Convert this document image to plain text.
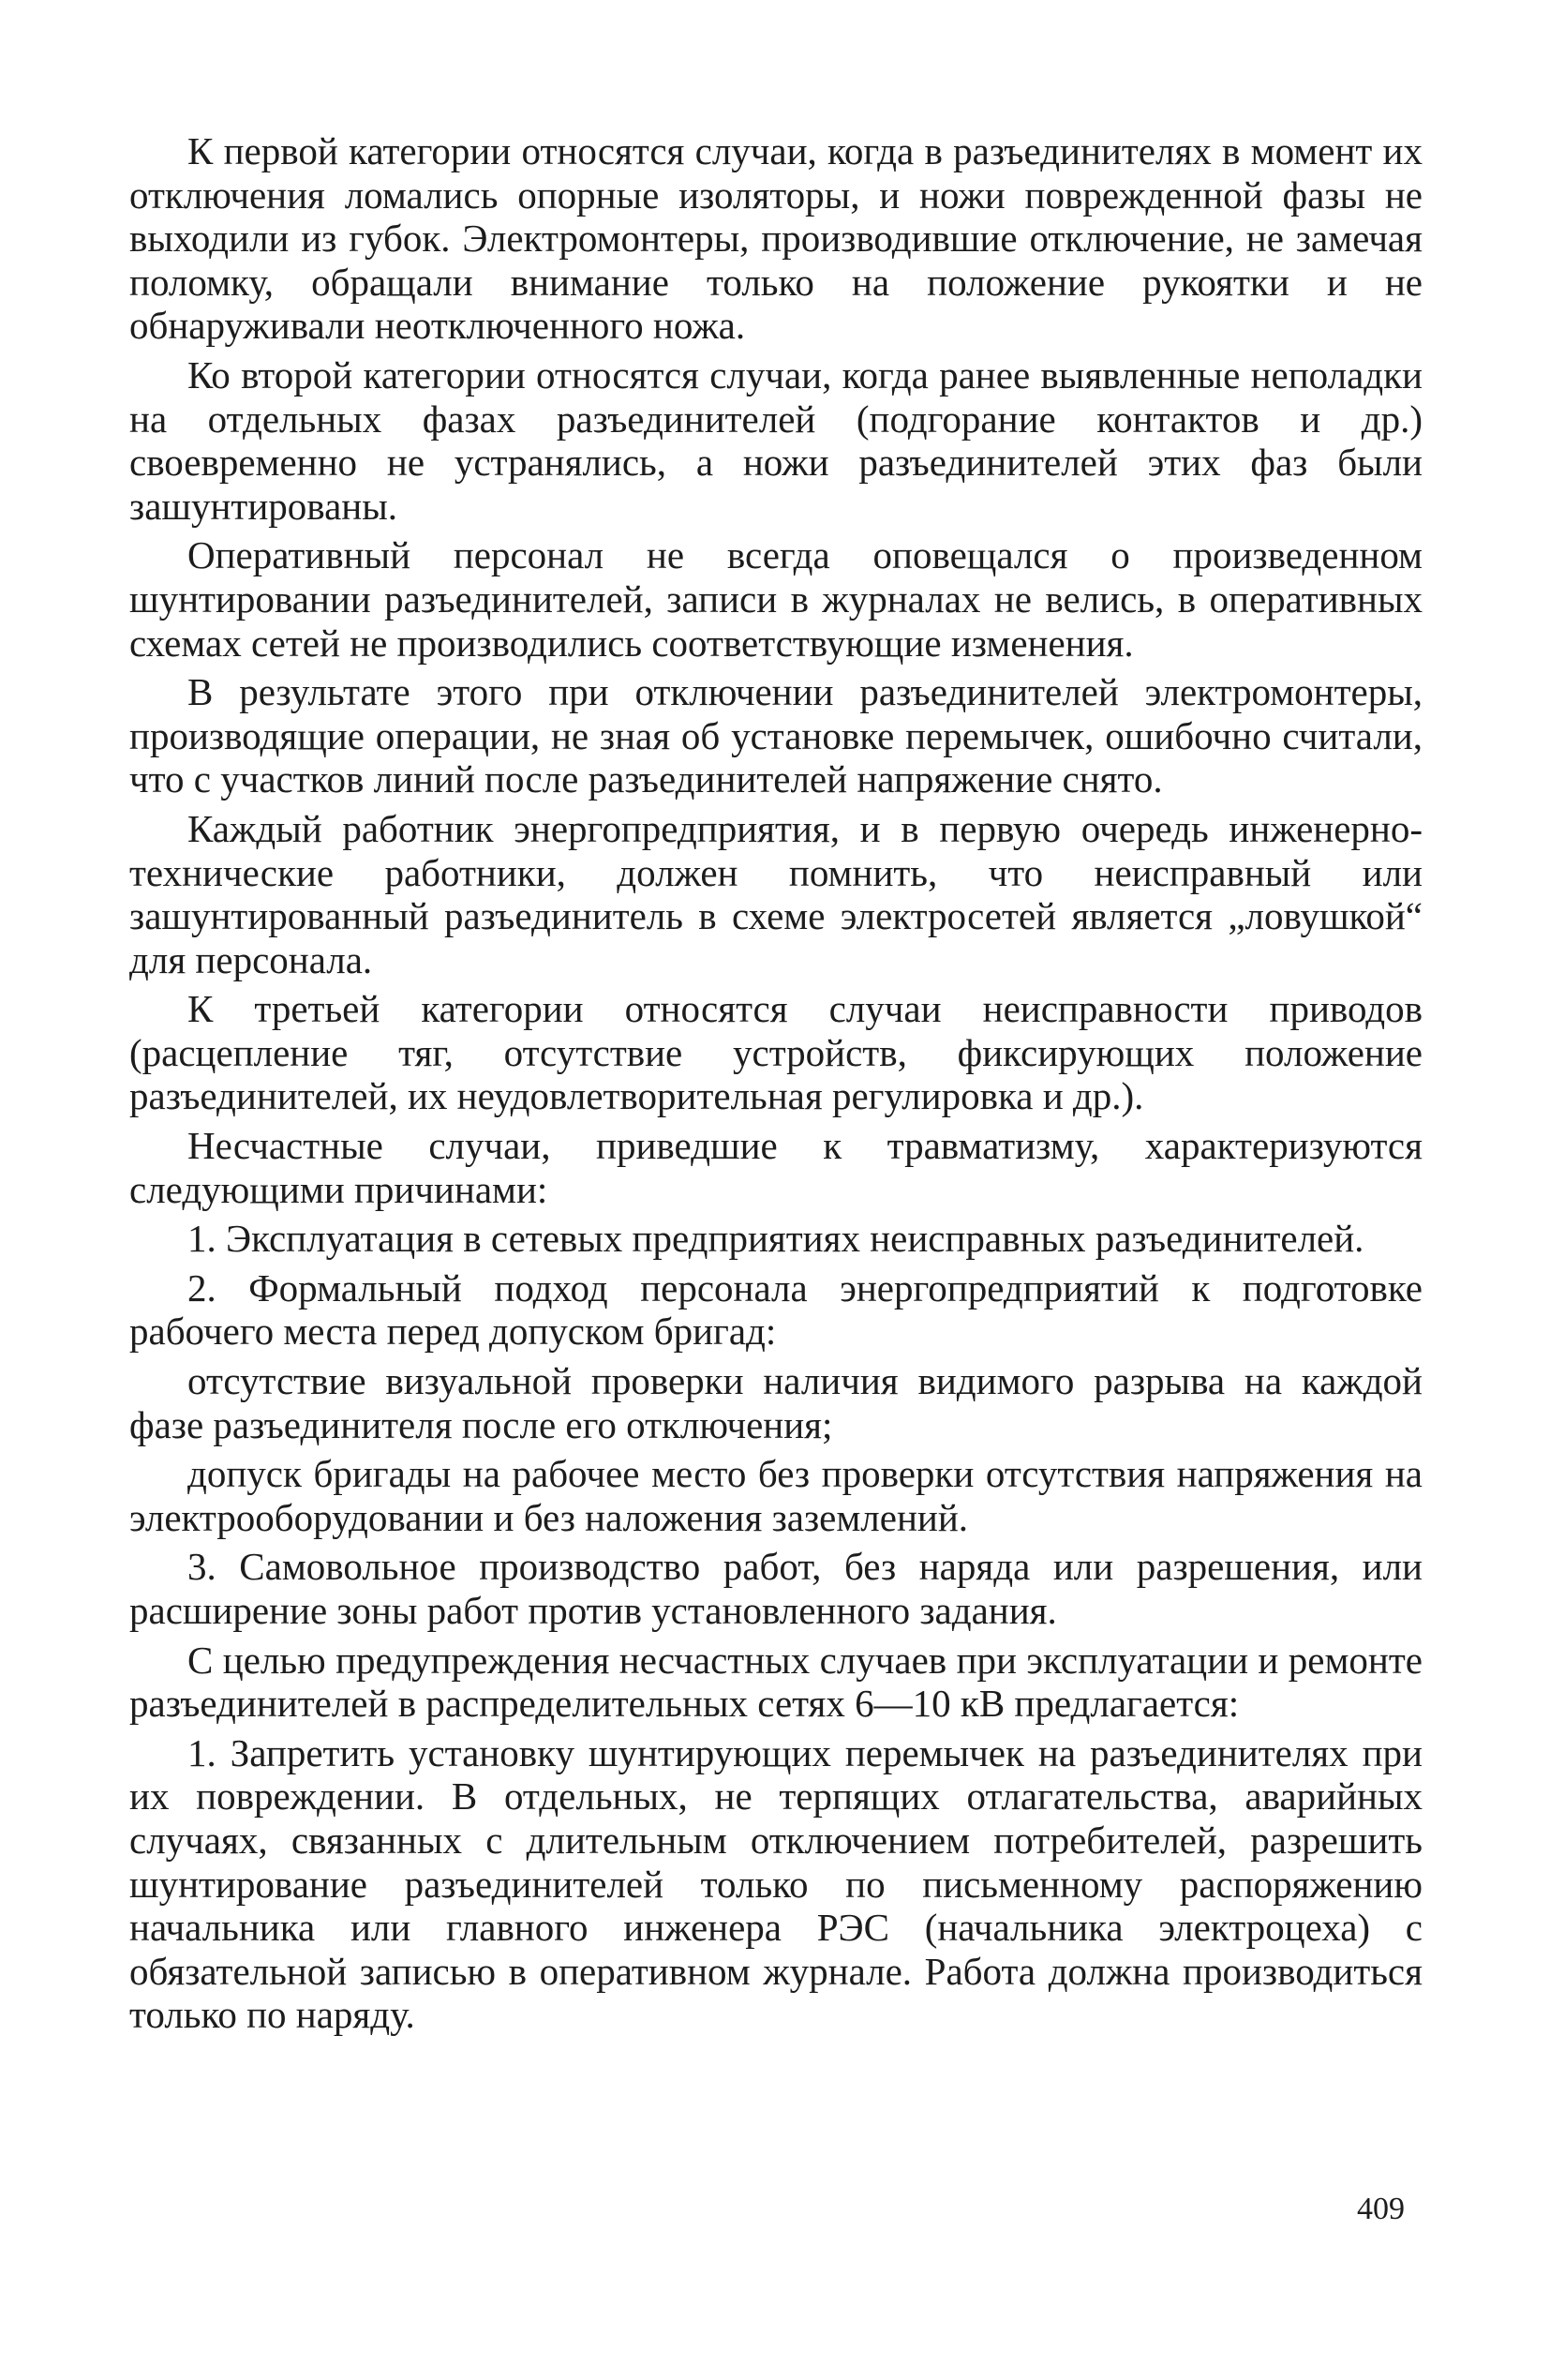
К первой категории относятся случаи, когда в разъединителях в момент их отключения ломались опорные изоляторы, и ножи поврежденной фазы не выходили из губок. Электромонтеры, производившие отключение, не замечая поломку, обращали внимание только на положение рукоятки и не обнаруживали неотключенного ножа.

Ко второй категории относятся случаи, когда ранее выявленные неполадки на отдельных фазах разъединителей (подгорание контактов и др.) своевременно не устранялись, а ножи разъединителей этих фаз были зашунтированы.

Оперативный персонал не всегда оповещался о произведенном шунтировании разъединителей, записи в журналах не велись, в оперативных схемах сетей не производились соответствующие изменения.

В результате этого при отключении разъединителей электромонтеры, производящие операции, не зная об установке перемычек, ошибочно считали, что с участков линий после разъединителей напряжение снято.

Каждый работник энергопредприятия, и в первую очередь инженерно-технические работники, должен помнить, что неисправный или зашунтированный разъединитель в схеме электросетей является „ловушкой“ для персонала.

К третьей категории относятся случаи неисправности приводов (расцепление тяг, отсутствие устройств, фиксирующих положение разъединителей, их неудовлетворительная регулировка и др.).

Несчастные случаи, приведшие к травматизму, характеризуются следующими причинами:

1. Эксплуатация в сетевых предприятиях неисправных разъединителей.

2. Формальный подход персонала энергопредприятий к подготовке рабочего места перед допуском бригад:

отсутствие визуальной проверки наличия видимого разрыва на каждой фазе разъединителя после его отключения;

допуск бригады на рабочее место без проверки отсутствия напряжения на электрооборудовании и без наложения заземлений.

3. Самовольное производство работ, без наряда или разрешения, или расширение зоны работ против установленного задания.

С целью предупреждения несчастных случаев при эксплуатации и ремонте разъединителей в распределительных сетях 6—10 кВ предлагается:

1. Запретить установку шунтирующих перемычек на разъединителях при их повреждении. В отдельных, не терпящих отлагательства, аварийных случаях, связанных с длительным отключением потребителей, разрешить шунтирование разъединителей только по письменному распоряжению начальника или главного инженера РЭС (начальника электроцеха) с обязательной записью в оперативном журнале. Работа должна производиться только по наряду.

409
